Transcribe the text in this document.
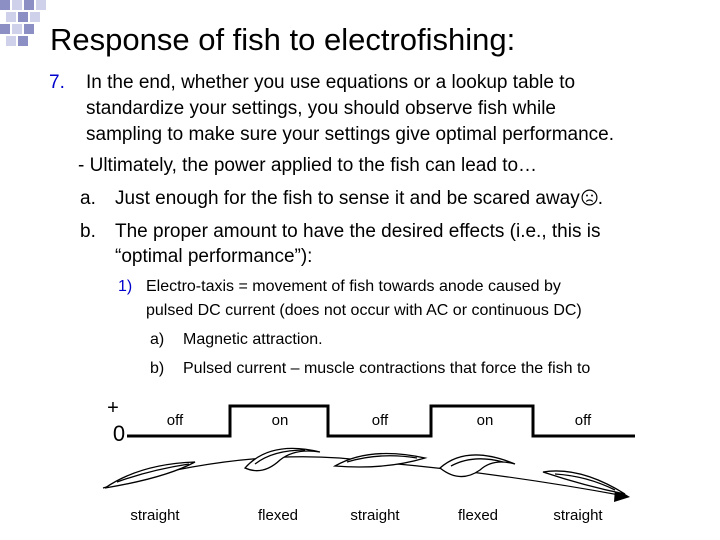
Response of fish to electrofishing:
7. In the end, whether you use equations or a lookup table to
standardize your settings, you should observe fish while
sampling to make sure your settings give optimal performance.
- Ultimately, the power applied to the fish can lead to…
a. Just enough for the fish to sense it and be scared away .
b. The proper amount to have the desired effects (i.e., this is
“optimal performance”):
1) Electro-taxis = movement of fish towards anode caused by
pulsed DC current (does not occur with AC or continuous DC)
a) Magnetic attraction.
b) Pulsed current – muscle contractions that force the fish to
+
0
off	on	off	on	off
straight	flexed	straight	flexed	straight
